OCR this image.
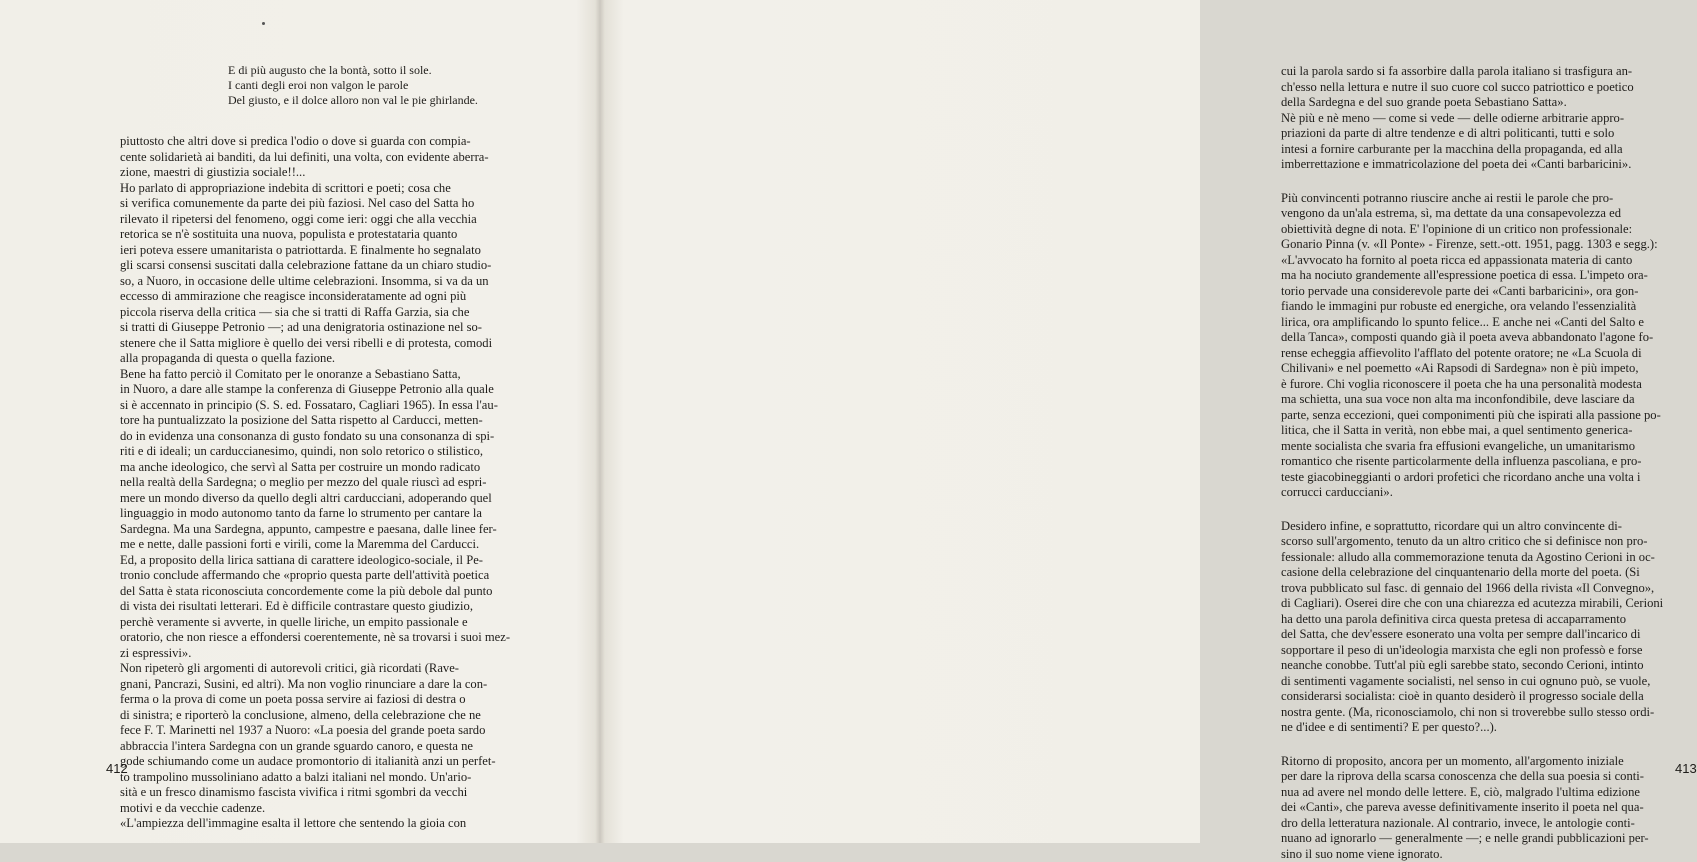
E di più augusto che la bontà, sotto il sole.
I canti degli eroi non valgon le parole
Del giusto, e il dolce alloro non val le pie ghirlande.
piuttosto che altri dove si predica l'odio o dove si guarda con compia-
cente solidarietà ai banditi, da lui definiti, una volta, con evidente aberra-
zione, maestri di giustizia sociale!!...
Ho parlato di appropriazione indebita di scrittori e poeti; cosa che
si verifica comunemente da parte dei più faziosi. Nel caso del Satta ho
rilevato il ripetersi del fenomeno, oggi come ieri: oggi che alla vecchia
retorica se n'è sostituita una nuova, populista e protestataria quanto
ieri poteva essere umanitarista o patriottarda. E finalmente ho segnalato
gli scarsi consensi suscitati dalla celebrazione fattane da un chiaro studio-
so, a Nuoro, in occasione delle ultime celebrazioni. Insomma, si va da un
eccesso di ammirazione che reagisce inconsideratamente ad ogni più
piccola riserva della critica — sia che si tratti di Raffa Garzia, sia che
si tratti di Giuseppe Petronio —; ad una denigratoria ostinazione nel so-
stenere che il Satta migliore è quello dei versi ribelli e di protesta, comodi
alla propaganda di questa o quella fazione.
Bene ha fatto perciò il Comitato per le onoranze a Sebastiano Satta,
in Nuoro, a dare alle stampe la conferenza di Giuseppe Petronio alla quale
si è accennato in principio (S. S. ed. Fossataro, Cagliari 1965). In essa l'au-
tore ha puntualizzato la posizione del Satta rispetto al Carducci, metten-
do in evidenza una consonanza di gusto fondato su una consonanza di spi-
riti e di ideali; un carduccianesimo, quindi, non solo retorico o stilistico,
ma anche ideologico, che servì al Satta per costruire un mondo radicato
nella realtà della Sardegna; o meglio per mezzo del quale riuscì ad espri-
mere un mondo diverso da quello degli altri carducciani, adoperando quel
linguaggio in modo autonomo tanto da farne lo strumento per cantare la
Sardegna. Ma una Sardegna, appunto, campestre e paesana, dalle linee fer-
me e nette, dalle passioni forti e virili, come la Maremma del Carducci.
Ed, a proposito della lirica sattiana di carattere ideologico-sociale, il Pe-
tronio conclude affermando che «proprio questa parte dell'attività poetica
del Satta è stata riconosciuta concordemente come la più debole dal punto
di vista dei risultati letterari. Ed è difficile contrastare questo giudizio,
perchè veramente si avverte, in quelle liriche, un empito passionale e
oratorio, che non riesce a effondersi coerentemente, nè sa trovarsi i suoi mez-
zi espressivi».
Non ripeterò gli argomenti di autorevoli critici, già ricordati (Rave-
gnani, Pancrazi, Susini, ed altri). Ma non voglio rinunciare a dare la con-
ferma o la prova di come un poeta possa servire ai faziosi di destra o
di sinistra; e riporterò la conclusione, almeno, della celebrazione che ne
fece F. T. Marinetti nel 1937 a Nuoro: «La poesia del grande poeta sardo
abbraccia l'intera Sardegna con un grande sguardo canoro, e questa ne
gode schiumando come un audace promontorio di italianità anzi un perfet-
to trampolino mussoliniano adatto a balzi italiani nel mondo. Un'ario-
sità e un fresco dinamismo fascista vivifica i ritmi sgombri da vecchi
motivi e da vecchie cadenze.
«L'ampiezza dell'immagine esalta il lettore che sentendo la gioia con
412
cui la parola sardo si fa assorbire dalla parola italiano si trasfigura an-
ch'esso nella lettura e nutre il suo cuore col succo patriottico e poetico
della Sardegna e del suo grande poeta Sebastiano Satta».
Nè più e nè meno — come si vede — delle odierne arbitrarie appro-
priazioni da parte di altre tendenze e di altri politicanti, tutti e solo
intesi a fornire carburante per la macchina della propaganda, ed alla
imberrettazione e immatricolazione del poeta dei «Canti barbaricini».
Più convincenti potranno riuscire anche ai restii le parole che pro-
vengono da un'ala estrema, sì, ma dettate da una consapevolezza ed
obiettività degne di nota. E' l'opinione di un critico non professionale:
Gonario Pinna (v. «Il Ponte» - Firenze, sett.-ott. 1951, pagg. 1303 e segg.):
«L'avvocato ha fornito al poeta ricca ed appassionata materia di canto
ma ha nociuto grandemente all'espressione poetica di essa. L'impeto ora-
torio pervade una considerevole parte dei «Canti barbaricini», ora gon-
fiando le immagini pur robuste ed energiche, ora velando l'essenzialità
lirica, ora amplificando lo spunto felice... E anche nei «Canti del Salto e
della Tanca», composti quando già il poeta aveva abbandonato l'agone fo-
rense echeggia affievolito l'afflato del potente oratore; ne «La Scuola di
Chilivani» e nel poemetto «Ai Rapsodi di Sardegna» non è più impeto,
è furore. Chi voglia riconoscere il poeta che ha una personalità modesta
ma schietta, una sua voce non alta ma inconfondibile, deve lasciare da
parte, senza eccezioni, quei componimenti più che ispirati alla passione po-
litica, che il Satta in verità, non ebbe mai, a quel sentimento generica-
mente socialista che svaria fra effusioni evangeliche, un umanitarismo
romantico che risente particolarmente della influenza pascoliana, e pro-
teste giacobineggianti o ardori profetici che ricordano anche una volta i
corrucci carducciani».
Desidero infine, e soprattutto, ricordare qui un altro convincente di-
scorso sull'argomento, tenuto da un altro critico che si definisce non pro-
fessionale: alludo alla commemorazione tenuta da Agostino Cerioni in oc-
casione della celebrazione del cinquantenario della morte del poeta. (Si
trova pubblicato sul fasc. di gennaio del 1966 della rivista «Il Convegno»,
di Cagliari). Oserei dire che con una chiarezza ed acutezza mirabili, Cerioni
ha detto una parola definitiva circa questa pretesa di accaparramento
del Satta, che dev'essere esonerato una volta per sempre dall'incarico di
sopportare il peso di un'ideologia marxista che egli non professò e forse
neanche conobbe. Tutt'al più egli sarebbe stato, secondo Cerioni, intinto
di sentimenti vagamente socialisti, nel senso in cui ognuno può, se vuole,
considerarsi socialista: cioè in quanto desiderò il progresso sociale della
nostra gente. (Ma, riconosciamolo, chi non si troverebbe sullo stesso ordi-
ne d'idee e di sentimenti? E per questo?...).
Ritorno di proposito, ancora per un momento, all'argomento iniziale
per dare la riprova della scarsa conoscenza che della sua poesia si conti-
nua ad avere nel mondo delle lettere. E, ciò, malgrado l'ultima edizione
dei «Canti», che pareva avesse definitivamente inserito il poeta nel qua-
dro della letteratura nazionale. Al contrario, invece, le antologie conti-
nuano ad ignorarlo — generalmente —; e nelle grandi pubblicazioni per-
sino il suo nome viene ignorato.
413
